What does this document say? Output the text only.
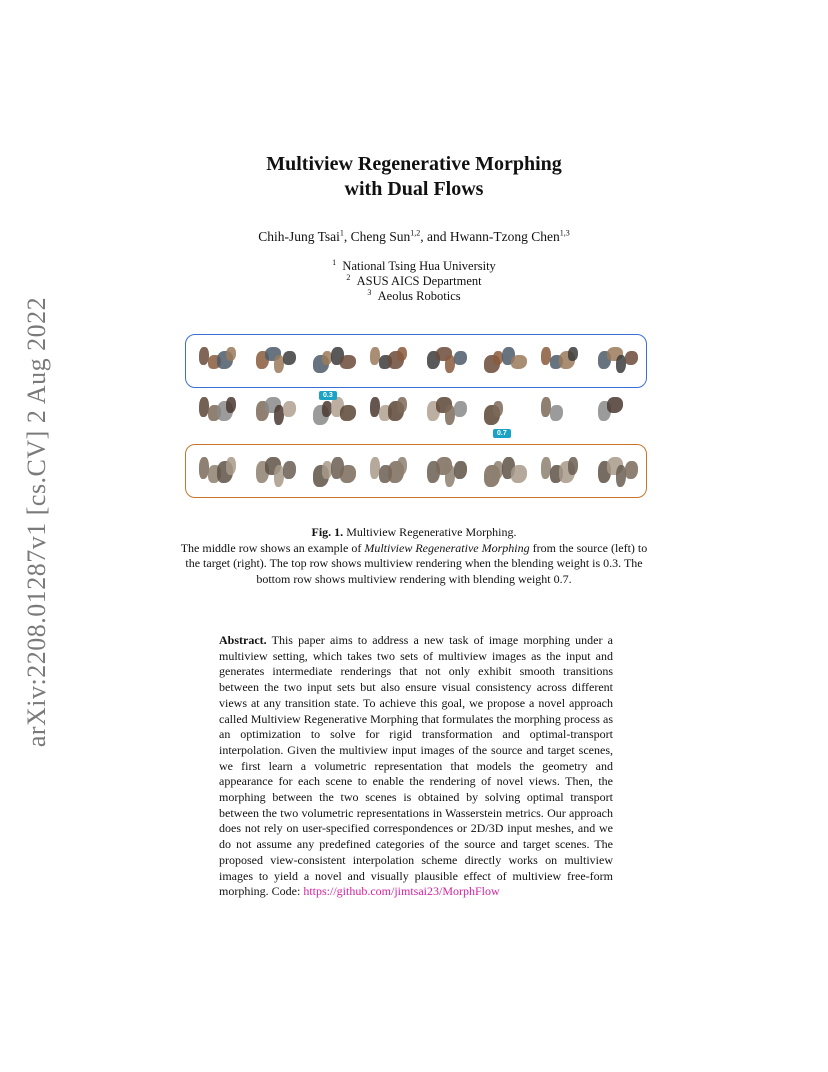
arXiv:2208.01287v1 [cs.CV] 2 Aug 2022
Multiview Regenerative Morphing
with Dual Flows
Chih-Jung Tsai$^1$, Cheng Sun$^{1,2}$, and Hwann-Tzong Chen$^{1,3}$
$^1$ National Tsing Hua University
$^2$ ASUS AICS Department
$^3$ Aeolus Robotics
0.3
0.7
Fig. 1. Multiview Regenerative Morphing.
The middle row shows an example of Multiview Regenerative Morphing from the source (left) to the target (right). The top row shows multiview rendering when the blending weight is 0.3. The bottom row shows multiview rendering with blending weight 0.7.
Abstract. This paper aims to address a new task of image morphing under a multiview setting, which takes two sets of multiview images as the input and generates intermediate renderings that not only exhibit smooth transitions between the two input sets but also ensure visual consistency across different views at any transition state. To achieve this goal, we propose a novel approach called Multiview Regenerative Morphing that formulates the morphing process as an optimization to solve for rigid transformation and optimal-transport interpolation. Given the multiview input images of the source and target scenes, we first learn a volumetric representation that models the geometry and appearance for each scene to enable the rendering of novel views. Then, the morphing between the two scenes is obtained by solving optimal transport between the two volumetric representations in Wasserstein metrics. Our approach does not rely on user-specified correspondences or 2D/3D input meshes, and we do not assume any predefined categories of the source and target scenes. The proposed view-consistent interpolation scheme directly works on multiview images to yield a novel and visually plausible effect of multiview free-form morphing. Code: https://github.com/jimtsai23/MorphFlow
